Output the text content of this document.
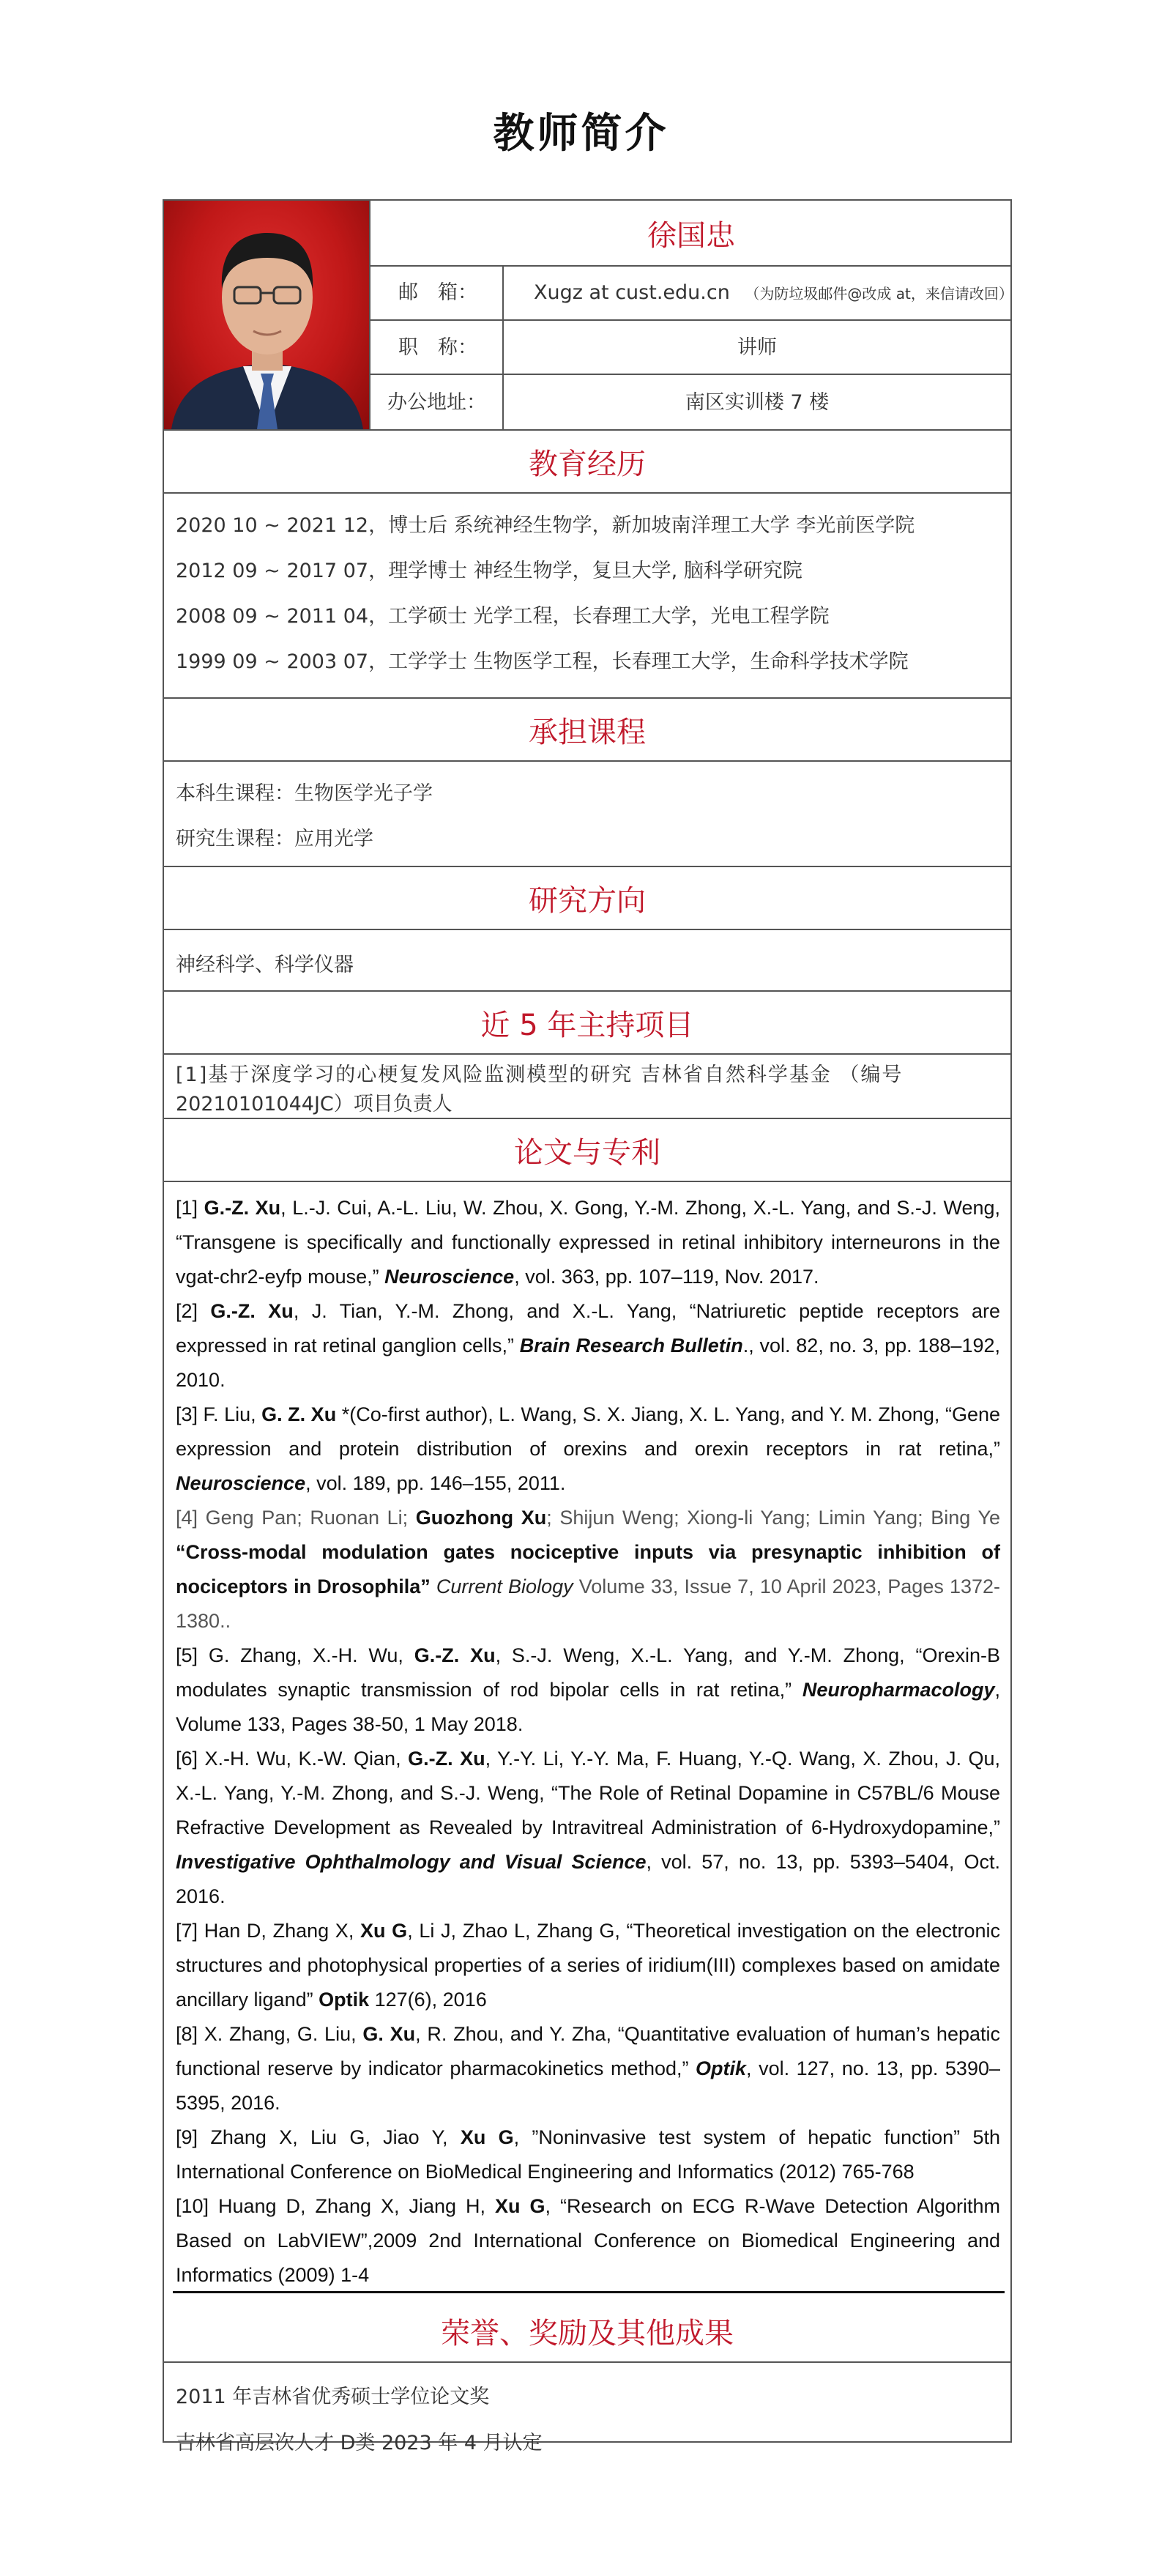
教师简介
徐国忠
邮　箱：	Xugz at cust.edu.cn （为防垃圾邮件@改成 at，来信请改回）
职　称：	讲师
办公地址：	南区实训楼 7 楼
教育经历
2020 10 ~ 2021 12，博士后 系统神经生物学，新加坡南洋理工大学 李光前医学院
2012 09 ~ 2017 07，理学博士 神经生物学，复旦大学, 脑科学研究院
2008 09 ~ 2011 04，工学硕士 光学工程，长春理工大学，光电工程学院
1999 09 ~ 2003 07，工学学士 生物医学工程，长春理工大学，生命科学技术学院
承担课程
本科生课程：生物医学光子学
研究生课程：应用光学
研究方向
神经科学、科学仪器
近 5 年主持项目
[1]基于深度学习的心梗复发风险监测模型的研究 吉林省自然科学基金 （编号
20210101044JC）项目负责人
论文与专利

[1] G.-Z. Xu, L.-J. Cui, A.-L. Liu, W. Zhou, X. Gong, Y.-M. Zhong, X.-L. Yang, and S.-J. Weng, “Transgene is specifically and functionally expressed in retinal inhibitory interneurons in the vgat-chr2-eyfp mouse,” Neuroscience, vol. 363, pp. 107–119, Nov. 2017.

[2] G.-Z. Xu, J. Tian, Y.-M. Zhong, and X.-L. Yang, “Natriuretic peptide receptors are expressed in rat retinal ganglion cells,” Brain Research Bulletin., vol. 82, no. 3, pp. 188–192, 2010.

[3] F. Liu, G. Z. Xu *(Co-first author), L. Wang, S. X. Jiang, X. L. Yang, and Y. M. Zhong, “Gene expression and protein distribution of orexins and orexin receptors in rat retina,” Neuroscience, vol. 189, pp. 146–155, 2011.

[4] Geng Pan; Ruonan Li; Guozhong Xu; Shijun Weng; Xiong-li Yang; Limin Yang; Bing Ye “Cross-modal modulation gates nociceptive inputs via presynaptic inhibition of nociceptors in Drosophila” Current Biology Volume 33, Issue 7, 10 April 2023, Pages 1372-1380..

[5] G. Zhang, X.-H. Wu, G.-Z. Xu, S.-J. Weng, X.-L. Yang, and Y.-M. Zhong, “Orexin-B modulates synaptic transmission of rod bipolar cells in rat retina,” Neuropharmacology, Volume 133, Pages 38-50, 1 May 2018.

[6] X.-H. Wu, K.-W. Qian, G.-Z. Xu, Y.-Y. Li, Y.-Y. Ma, F. Huang, Y.-Q. Wang, X. Zhou, J. Qu, X.-L. Yang, Y.-M. Zhong, and S.-J. Weng, “The Role of Retinal Dopamine in C57BL/6 Mouse Refractive Development as Revealed by Intravitreal Administration of 6-Hydroxydopamine,” Investigative Ophthalmology and Visual Science, vol. 57, no. 13, pp. 5393–5404, Oct. 2016.

[7] Han D, Zhang X, Xu G, Li J, Zhao L, Zhang G, “Theoretical investigation on the electronic structures and photophysical properties of a series of iridium(III) complexes based on amidate ancillary ligand” Optik 127(6), 2016

[8] X. Zhang, G. Liu, G. Xu, R. Zhou, and Y. Zha, “Quantitative evaluation of human’s hepatic functional reserve by indicator pharmacokinetics method,” Optik, vol. 127, no. 13, pp. 5390–5395, 2016.

[9] Zhang X, Liu G, Jiao Y, Xu G, ”Noninvasive test system of hepatic function” 5th International Conference on BioMedical Engineering and Informatics (2012) 765-768

[10] Huang D, Zhang X, Jiang H, Xu G, “Research on ECG R-Wave Detection Algorithm Based on LabVIEW”,2009 2nd International Conference on Biomedical Engineering and Informatics (2009) 1-4

荣誉、奖励及其他成果
2011 年吉林省优秀硕士学位论文奖
吉林省高层次人才 D类 2023 年 4 月认定
